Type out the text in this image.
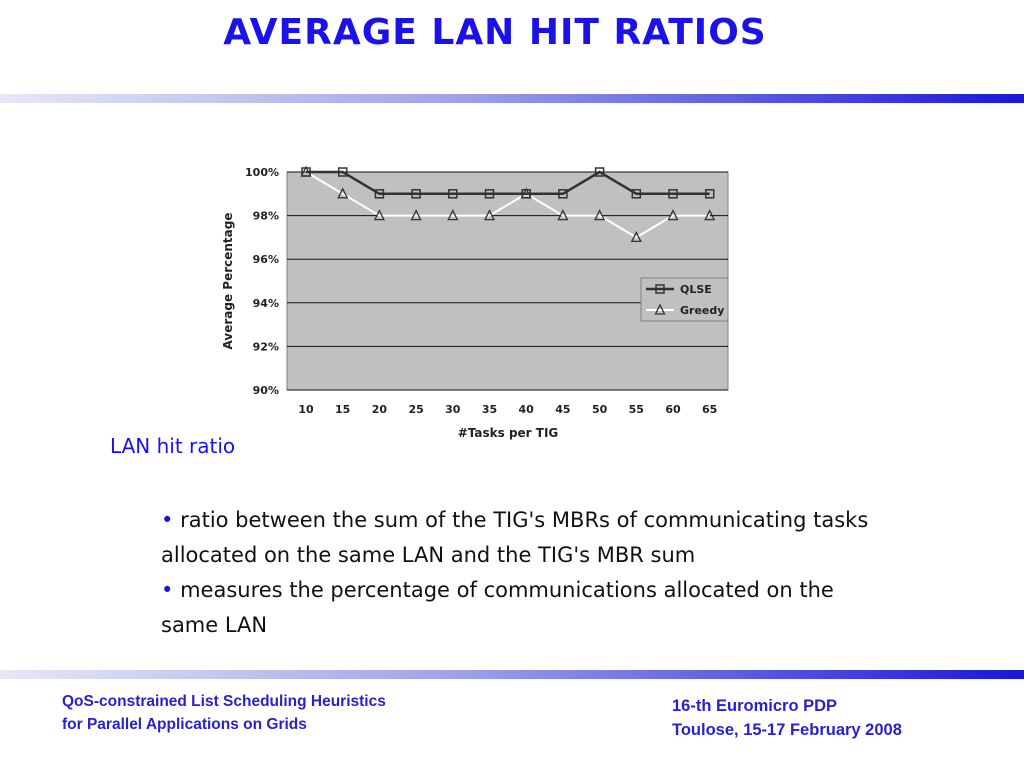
AVERAGE LAN HIT RATIOS
90%
92%
94%
96%
98%
100%
10 15 20 25 30 35 40 45 50 55 60 65
Average Percentage
#Tasks per TIG
QLSE
Greedy
LAN hit ratio
• ratio between the sum of the TIG's MBRs of communicating tasks
allocated on the same LAN and the TIG's MBR sum
• measures the percentage of communications allocated on the
same LAN
QoS-constrained List Scheduling Heuristics
for Parallel Applications on Grids
16-th Euromicro PDP
Toulose, 15-17 February 2008
